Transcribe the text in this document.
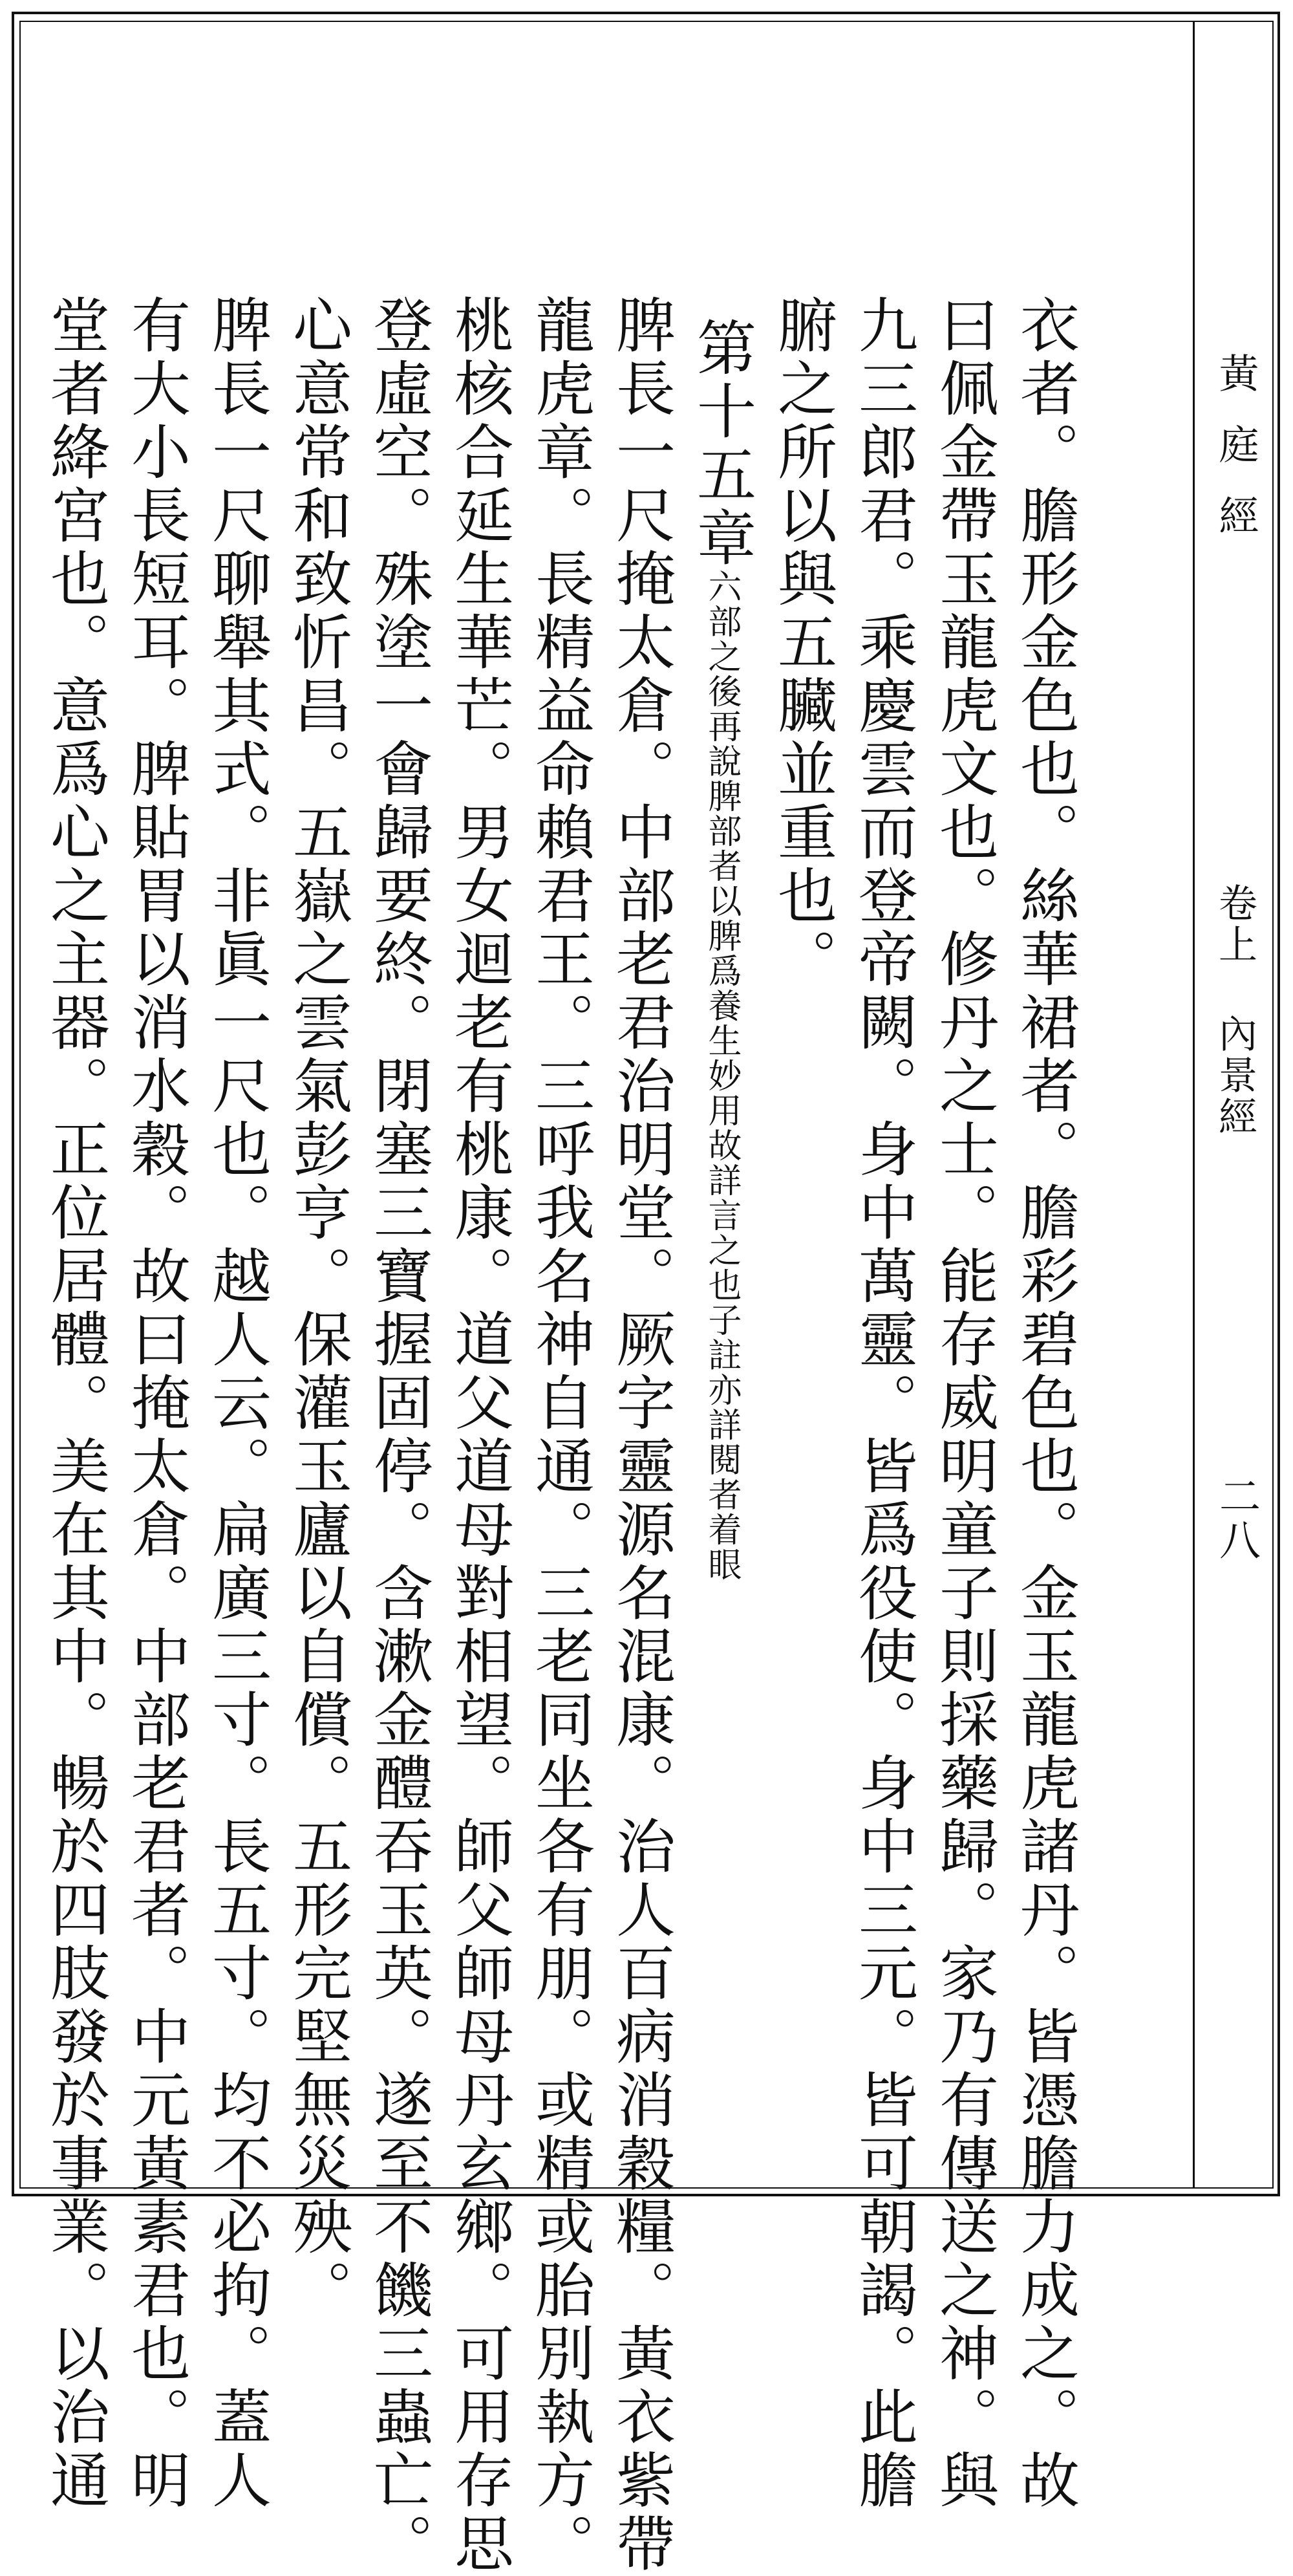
黃庭經
卷上 內景經
二八
衣者。膽形金色也。絲華裙者。膽彩碧色也。金玉龍虎諸丹。皆憑膽力成之。故
曰佩金帶玉龍虎文也。修丹之士。能存威明童子則採藥歸。家乃有傳送之神。與
九三郎君。乘慶雲而登帝闕。身中萬靈。皆爲役使。身中三元。皆可朝謁。此膽
腑之所以與五臟並重也。
第十五章
六部之後再說脾部者以脾爲養生妙用故詳言之也子註亦詳閱者着眼
脾長一尺掩太倉。中部老君治明堂。厥字靈源名混康。治人百病消穀糧。黃衣紫帶
龍虎章。長精益命賴君王。三呼我名神自通。三老同坐各有朋。或精或胎別執方。
桃核合延生華芒。男女迴老有桃康。道父道母對相望。師父師母丹玄鄉。可用存思
登虛空。殊塗一會歸要終。閉塞三寶握固停。含漱金醴吞玉英。遂至不饑三蟲亡。
心意常和致忻昌。五嶽之雲氣彭亨。保灌玉廬以自償。五形完堅無災殃。
脾長一尺聊舉其式。非眞一尺也。越人云。扁廣三寸。長五寸。均不必拘。蓋人
有大小長短耳。脾貼胃以消水穀。故曰掩太倉。中部老君者。中元黃素君也。明
堂者絳宮也。意爲心之主器。正位居體。美在其中。暢於四肢發於事業。以治通
